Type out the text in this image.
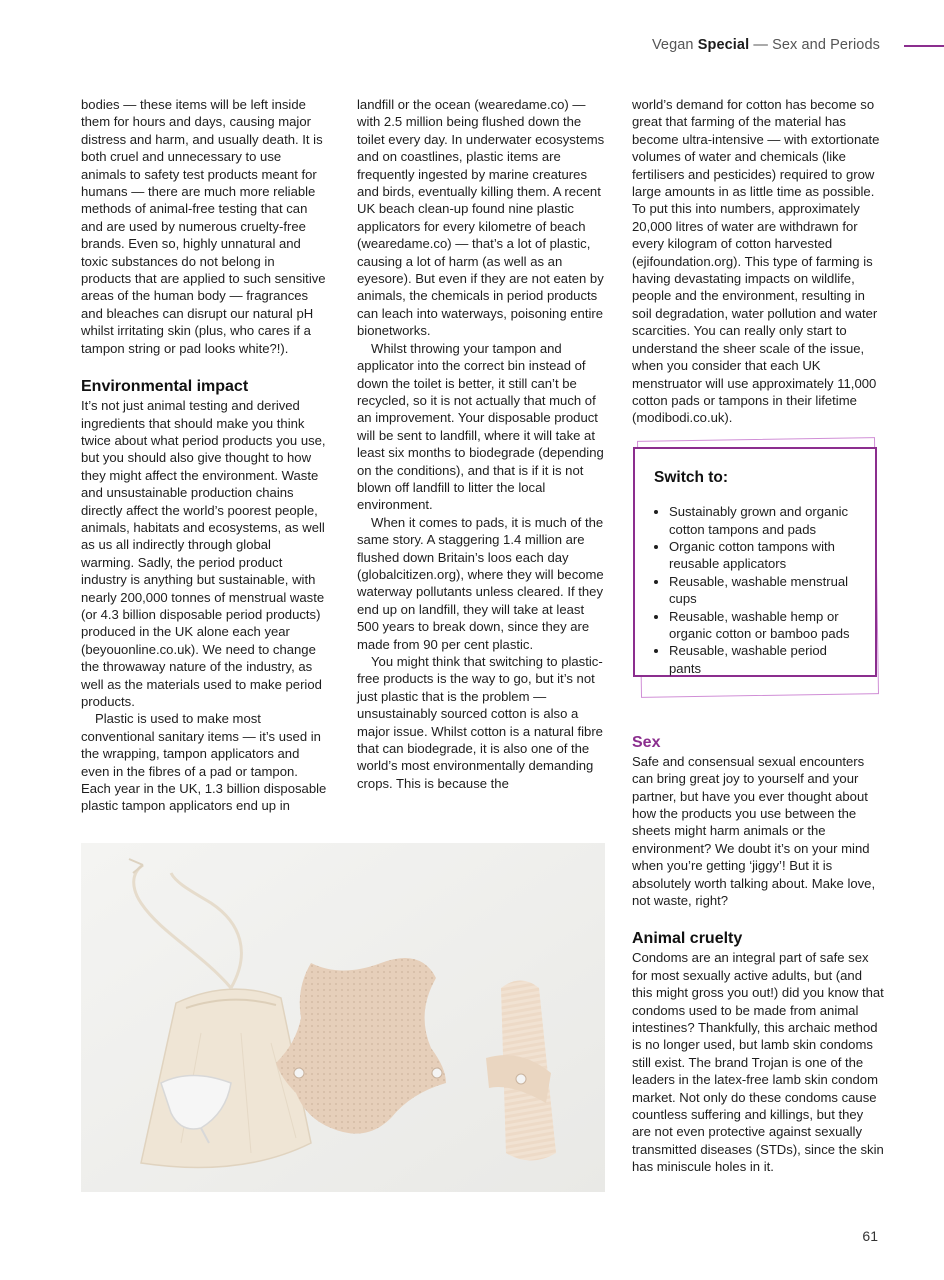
Vegan Special — Sex and Periods

bodies — these items will be left inside them for hours and days, causing major distress and harm, and usually death. It is both cruel and unnecessary to use animals to safety test products meant for humans — there are much more reliable methods of animal-free testing that can and are used by numerous cruelty-free brands. Even so, highly unnatural and toxic substances do not belong in products that are applied to such sensitive areas of the human body — fragrances and bleaches can disrupt our natural pH whilst irritating skin (plus, who cares if a tampon string or pad looks white?!).

Environmental impact

It’s not just animal testing and derived ingredients that should make you think twice about what period products you use, but you should also give thought to how they might affect the environment. Waste and unsustainable production chains directly affect the world’s poorest people, animals, habitats and ecosystems, as well as us all indirectly through global warming. Sadly, the period product industry is anything but sustainable, with nearly 200,000 tonnes of menstrual waste (or 4.3 billion disposable period products) produced in the UK alone each year (beyouonline.co.uk). We need to change the throwaway nature of the industry, as well as the materials used to make period products.

Plastic is used to make most conventional sanitary items — it’s used in the wrapping, tampon applicators and even in the fibres of a pad or tampon. Each year in the UK, 1.3 billion disposable plastic tampon applicators end up in

landfill or the ocean (wearedame.co) — with 2.5 million being flushed down the toilet every day. In underwater ecosystems and on coastlines, plastic items are frequently ingested by marine creatures and birds, eventually killing them. A recent UK beach clean-up found nine plastic applicators for every kilometre of beach (wearedame.co) — that’s a lot of plastic, causing a lot of harm (as well as an eyesore). But even if they are not eaten by animals, the chemicals in period products can leach into waterways, poisoning entire bionetworks.

Whilst throwing your tampon and applicator into the correct bin instead of down the toilet is better, it still can’t be recycled, so it is not actually that much of an improvement. Your disposable product will be sent to landfill, where it will take at least six months to biodegrade (depending on the conditions), and that is if it is not blown off landfill to litter the local environment.

When it comes to pads, it is much of the same story. A staggering 1.4 million are flushed down Britain’s loos each day (globalcitizen.org), where they will become waterway pollutants unless cleared. If they end up on landfill, they will take at least 500 years to break down, since they are made from 90 per cent plastic.

You might think that switching to plastic-free products is the way to go, but it’s not just plastic that is the problem — unsustainably sourced cotton is also a major issue. Whilst cotton is a natural fibre that can biodegrade, it is also one of the world’s most environmentally demanding crops. This is because the

world’s demand for cotton has become so great that farming of the material has become ultra-intensive — with extortionate volumes of water and chemicals (like fertilisers and pesticides) required to grow large amounts in as little time as possible. To put this into numbers, approximately 20,000 litres of water are withdrawn for every kilogram of cotton harvested (ejifoundation.org). This type of farming is having devastating impacts on wildlife, people and the environment, resulting in soil degradation, water pollution and water scarcities. You can really only start to understand the sheer scale of the issue, when you consider that each UK menstruator will use approximately 11,000 cotton pads or tampons in their lifetime (modibodi.co.uk).

Switch to:
• Sustainably grown and organic cotton tampons and pads
• Organic cotton tampons with reusable applicators
• Reusable, washable menstrual cups
• Reusable, washable hemp or organic cotton or bamboo pads
• Reusable, washable period pants
Sex

Safe and consensual sexual encounters can bring great joy to yourself and your partner, but have you ever thought about how the products you use between the sheets might harm animals or the environment? We doubt it’s on your mind when you’re getting ‘jiggy’! But it is absolutely worth talking about. Make love, not waste, right?

Animal cruelty

Condoms are an integral part of safe sex for most sexually active adults, but (and this might gross you out!) did you know that condoms used to be made from animal intestines? Thankfully, this archaic method is no longer used, but lamb skin condoms still exist. The brand Trojan is one of the leaders in the latex-free lamb skin condom market. Not only do these condoms cause countless suffering and killings, but they are not even protective against sexually transmitted diseases (STDs), since the skin has miniscule holes in it.

61
